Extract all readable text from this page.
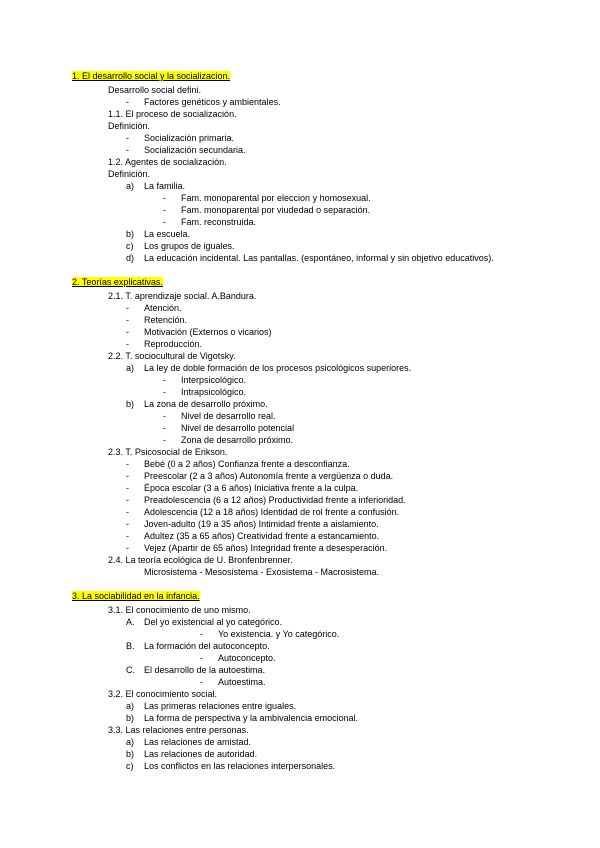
1. El desarrollo social y la socializacion.
Desarrollo social defini.
- Factores genéticos y ambientales.
1.1. El proceso de socialización.
Definición.
- Socialización primaria.
- Socialización secundaria.
1.2. Agentes de socialización.
Definición.
a) La familia.
- Fam. monoparental por eleccion y homosexual.
- Fam. monoparental por viudedad o separación.
- Fam. reconstruida.
b) La escuela.
c) Los grupos de iguales.
d) La educación incidental. Las pantallas. (espontáneo, informal y sin objetivo educativos).
2. Teorías explicativas.
2.1. T. aprendizaje social. A.Bandura.
- Atención.
- Retención.
- Motivación (Externos o vicarios)
- Reproducción.
2.2. T. sociocultural de Vigotsky.
a) La ley de doble formación de los procesos psicológicos superiores.
- Interpsicológico.
- Intrapsicológico.
b) La zona de desarrollo próximo.
- Nivel de desarrollo real.
- Nivel de desarrollo potencial
- Zona de desarrollo próximo.
2.3. T. Psicosocial de Erikson.
- Bebé (0 a 2 años) Confianza frente a desconfianza.
- Preescolar (2 a 3 años) Autonomía frente a vergüenza o duda.
- Época escolar (3 a 6 años) Iniciativa frente a la culpa.
- Preadolescencia (6 a 12 años) Productividad frente a inferioridad.
- Adolescencia (12 a 18 años) Identidad de rol frente a confusión.
- Joven-adulto (19 a 35 años) Intimidad frente a aislamiento.
- Adultez (35 a 65 años) Creatividad frente a estancamiento.
- Vejez (Apartir de 65 años) Integridad frente a desesperación.
2.4. La teoría ecológica de U. Bronfenbrenner.
Microsistema - Mesosistema - Exosistema - Macrosistema.
3. La sociabilidad en la infancia.
3.1. El conocimiento de uno mismo.
A. Del yo existencial al yo categórico.
- Yo existencia. y Yo categórico.
B. La formación del autoconcepto.
- Autoconcepto.
C. El desarrollo de la autoestima.
- Autoestima.
3.2. El conocimiento social.
a) Las primeras relaciones entre iguales.
b) La forma de perspectiva y la ambivalencia emocional.
3.3. Las relaciones entre personas.
a) Las relaciones de amistad.
b) Las relaciones de autoridad.
c) Los conflictos en las relaciones interpersonales.
